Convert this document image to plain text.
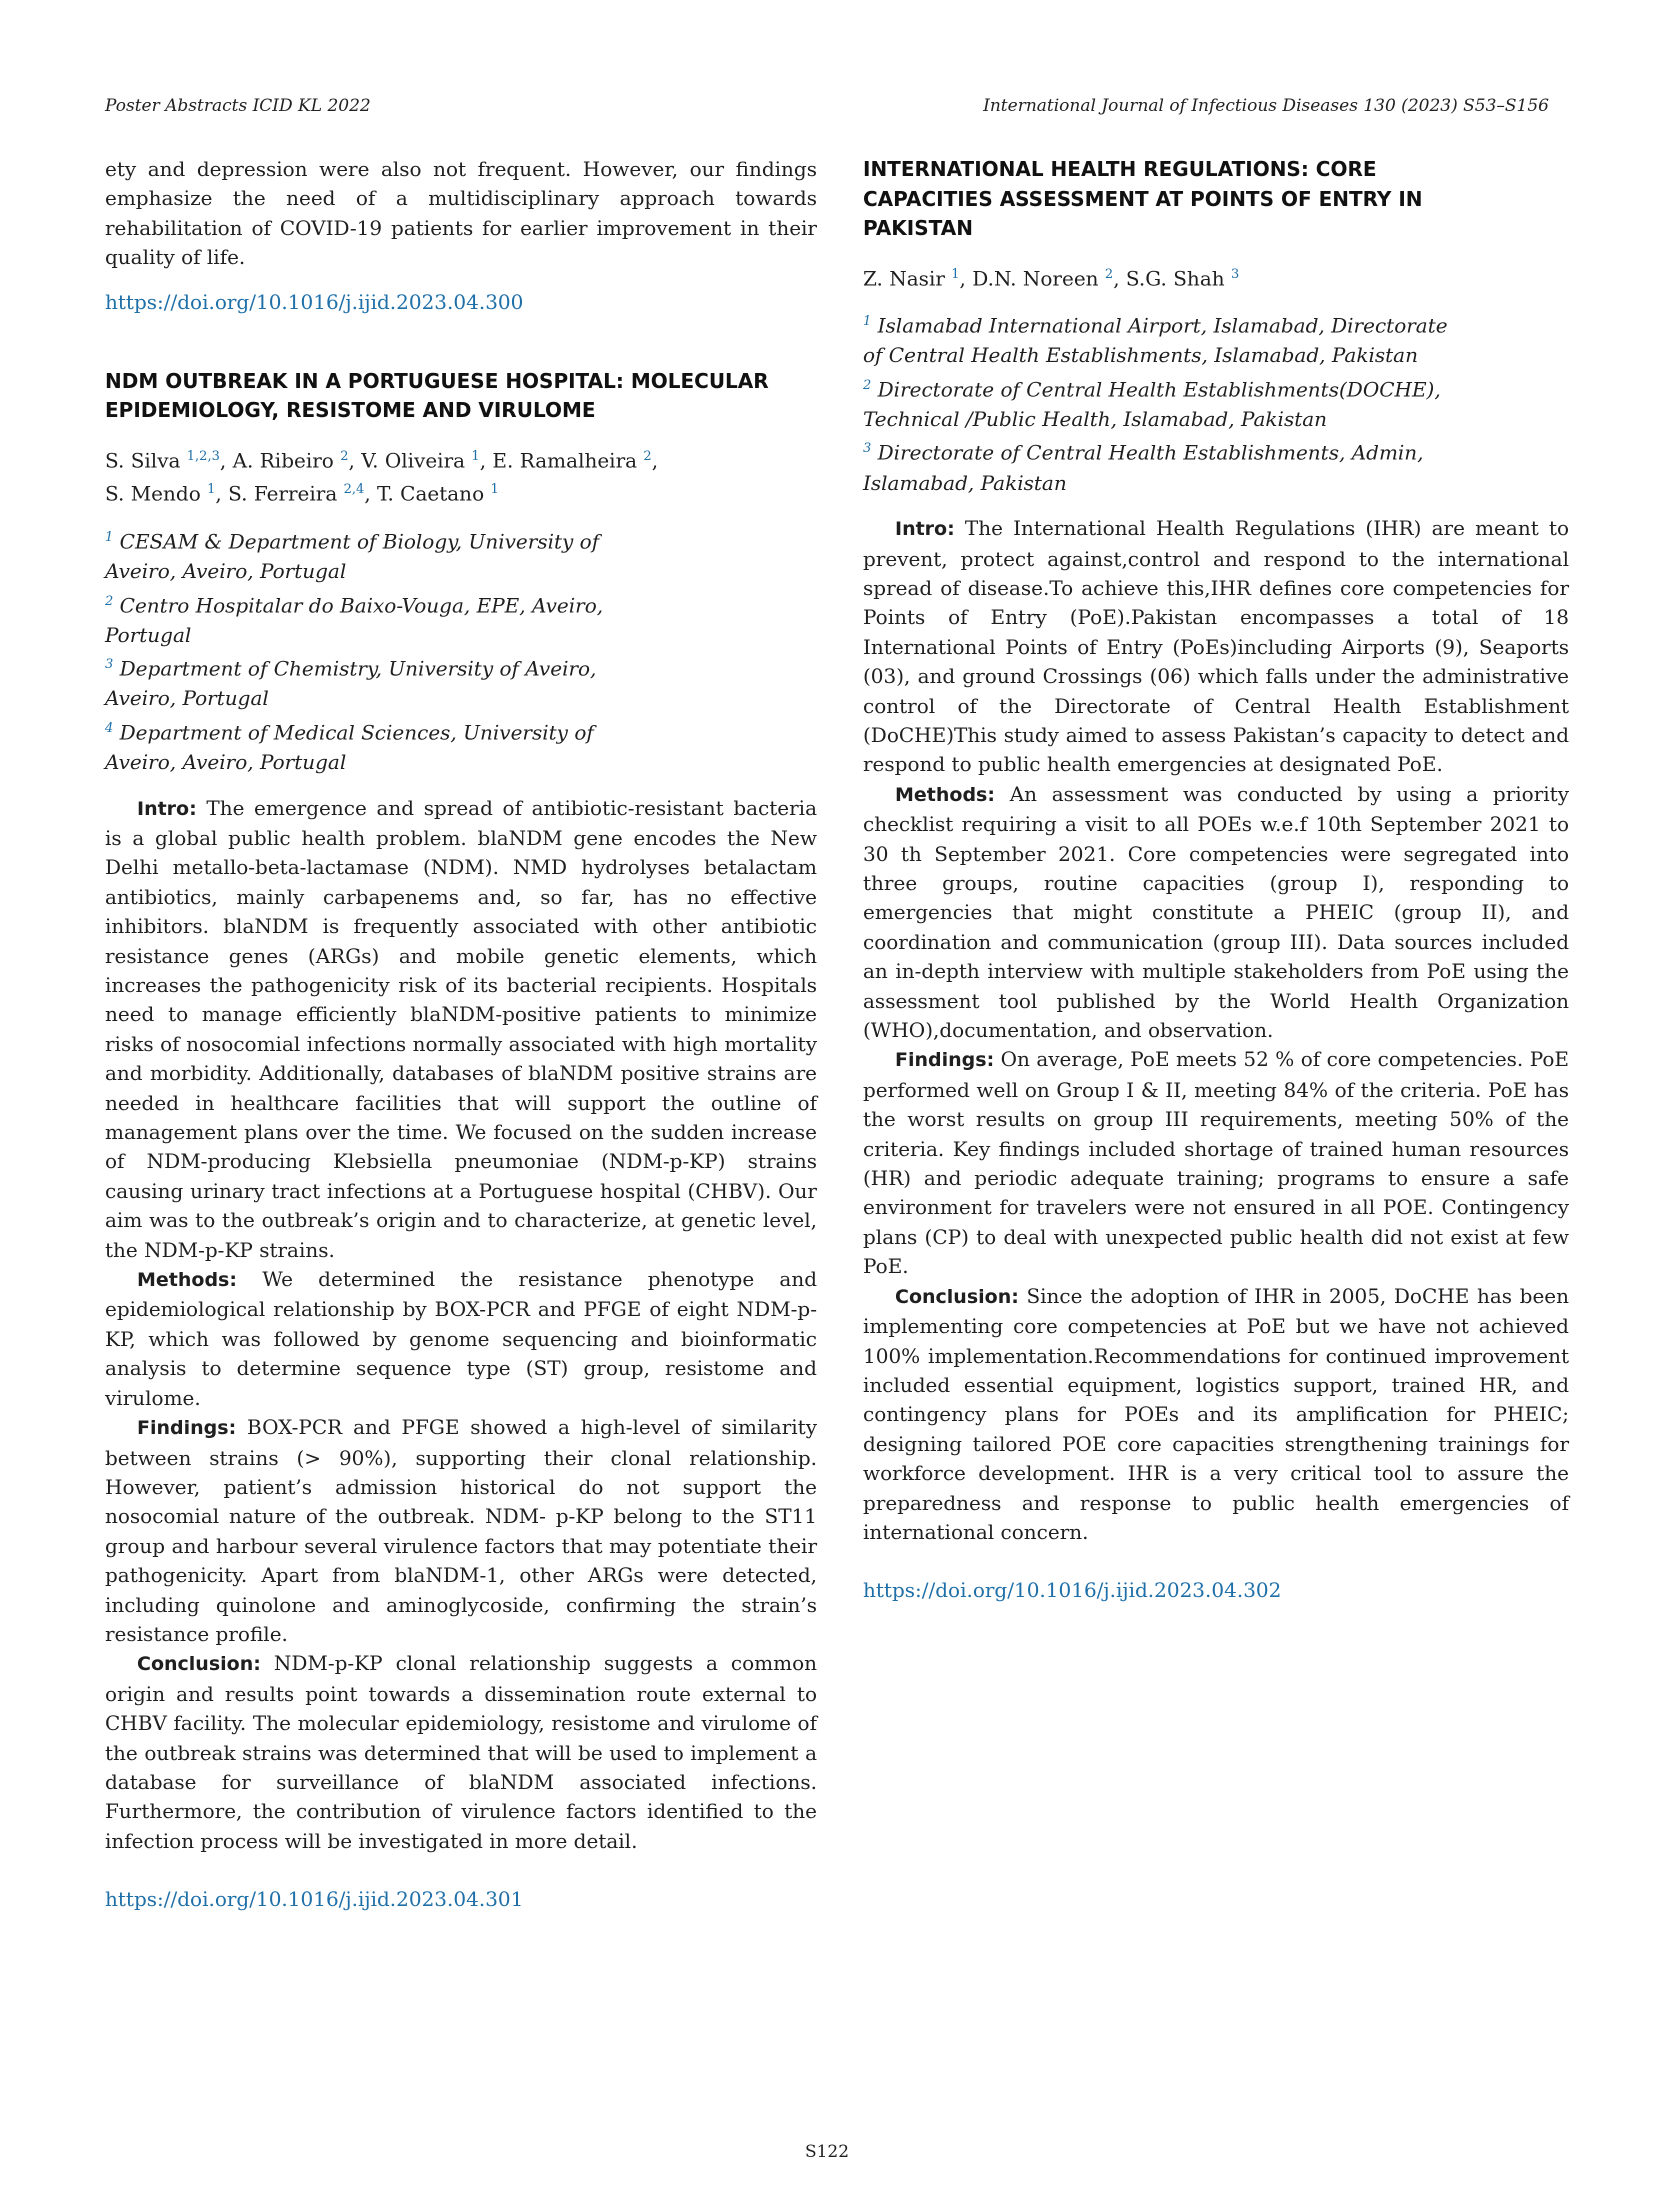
Poster Abstracts ICID KL 2022	International Journal of Infectious Diseases 130 (2023) S53–S156

ety and depression were also not frequent. However, our findings emphasize the need of a multidisciplinary approach towards rehabilitation of COVID-19 patients for earlier improvement in their quality of life.

https://doi.org/10.1016/j.ijid.2023.04.300
NDM OUTBREAK IN A PORTUGUESE HOSPITAL: MOLECULAR EPIDEMIOLOGY, RESISTOME AND VIRULOME
S. Silva $^{1,2,3}$, A. Ribeiro $^2$, V. Oliveira $^1$, E. Ramalheira $^2$,
S. Mendo $^1$, S. Ferreira $^{2,4}$, T. Caetano $^1$
$^1$ CESAM & Department of Biology, University of Aveiro, Aveiro, Portugal
$^2$ Centro Hospitalar do Baixo-Vouga, EPE, Aveiro, Portugal
$^3$ Department of Chemistry, University of Aveiro, Aveiro, Portugal
$^4$ Department of Medical Sciences, University of Aveiro, Aveiro, Portugal

Intro: The emergence and spread of antibiotic-resistant bacteria is a global public health problem. blaNDM gene encodes the New Delhi metallo-beta-lactamase (NDM). NMD hydrolyses betalactam antibiotics, mainly carbapenems and, so far, has no effective inhibitors. blaNDM is frequently associated with other antibiotic resistance genes (ARGs) and mobile genetic elements, which increases the pathogenicity risk of its bacterial recipients. Hospitals need to manage efficiently blaNDM-positive patients to minimize risks of nosocomial infections normally associated with high mortality and morbidity. Additionally, databases of blaNDM positive strains are needed in healthcare facilities that will support the outline of management plans over the time. We focused on the sudden increase of NDM-producing Klebsiella pneumoniae (NDM-p-KP) strains causing urinary tract infections at a Portuguese hospital (CHBV). Our aim was to the outbreak’s origin and to characterize, at genetic level, the NDM-p-KP strains.

Methods: We determined the resistance phenotype and epidemiological relationship by BOX-PCR and PFGE of eight NDM-p-KP, which was followed by genome sequencing and bioinformatic analysis to determine sequence type (ST) group, resistome and virulome.

Findings: BOX-PCR and PFGE showed a high-level of similarity between strains (> 90%), supporting their clonal relationship. However, patient’s admission historical do not support the nosocomial nature of the outbreak. NDM- p-KP belong to the ST11 group and harbour several virulence factors that may potentiate their pathogenicity. Apart from blaNDM-1, other ARGs were detected, including quinolone and aminoglycoside, confirming the strain’s resistance profile.

Conclusion: NDM-p-KP clonal relationship suggests a common origin and results point towards a dissemination route external to CHBV facility. The molecular epidemiology, resistome and virulome of the outbreak strains was determined that will be used to implement a database for surveillance of blaNDM associated infections. Furthermore, the contribution of virulence factors identified to the infection process will be investigated in more detail.

https://doi.org/10.1016/j.ijid.2023.04.301
INTERNATIONAL HEALTH REGULATIONS: CORE CAPACITIES ASSESSMENT AT POINTS OF ENTRY IN PAKISTAN
Z. Nasir $^1$, D.N. Noreen $^2$, S.G. Shah $^3$
$^1$ Islamabad International Airport, Islamabad, Directorate of Central Health Establishments, Islamabad, Pakistan
$^2$ Directorate of Central Health Establishments(DOCHE), Technical /Public Health, Islamabad, Pakistan
$^3$ Directorate of Central Health Establishments, Admin, Islamabad, Pakistan

Intro: The International Health Regulations (IHR) are meant to prevent, protect against,control and respond to the international spread of disease.To achieve this,IHR defines core competencies for Points of Entry (PoE).Pakistan encompasses a total of 18 International Points of Entry (PoEs)including Airports (9), Seaports (03), and ground Crossings (06) which falls under the administrative control of the Directorate of Central Health Establishment (DoCHE)This study aimed to assess Pakistan’s capacity to detect and respond to public health emergencies at designated PoE.

Methods: An assessment was conducted by using a priority checklist requiring a visit to all POEs w.e.f 10th September 2021 to 30 th September 2021. Core competencies were segregated into three groups, routine capacities (group I), responding to emergencies that might constitute a PHEIC (group II), and coordination and communication (group III). Data sources included an in-depth interview with multiple stakeholders from PoE using the assessment tool published by the World Health Organization (WHO),documentation, and observation.

Findings: On average, PoE meets 52 % of core competencies. PoE performed well on Group I & II, meeting 84% of the criteria. PoE has the worst results on group III requirements, meeting 50% of the criteria. Key findings included shortage of trained human resources (HR) and periodic adequate training; programs to ensure a safe environment for travelers were not ensured in all POE. Contingency plans (CP) to deal with unexpected public health did not exist at few PoE.

Conclusion: Since the adoption of IHR in 2005, DoCHE has been implementing core competencies at PoE but we have not achieved 100% implementation.Recommendations for continued improvement included essential equipment, logistics support, trained HR, and contingency plans for POEs and its amplification for PHEIC; designing tailored POE core capacities strengthening trainings for workforce development. IHR is a very critical tool to assure the preparedness and response to public health emergencies of international concern.

https://doi.org/10.1016/j.ijid.2023.04.302
S122
